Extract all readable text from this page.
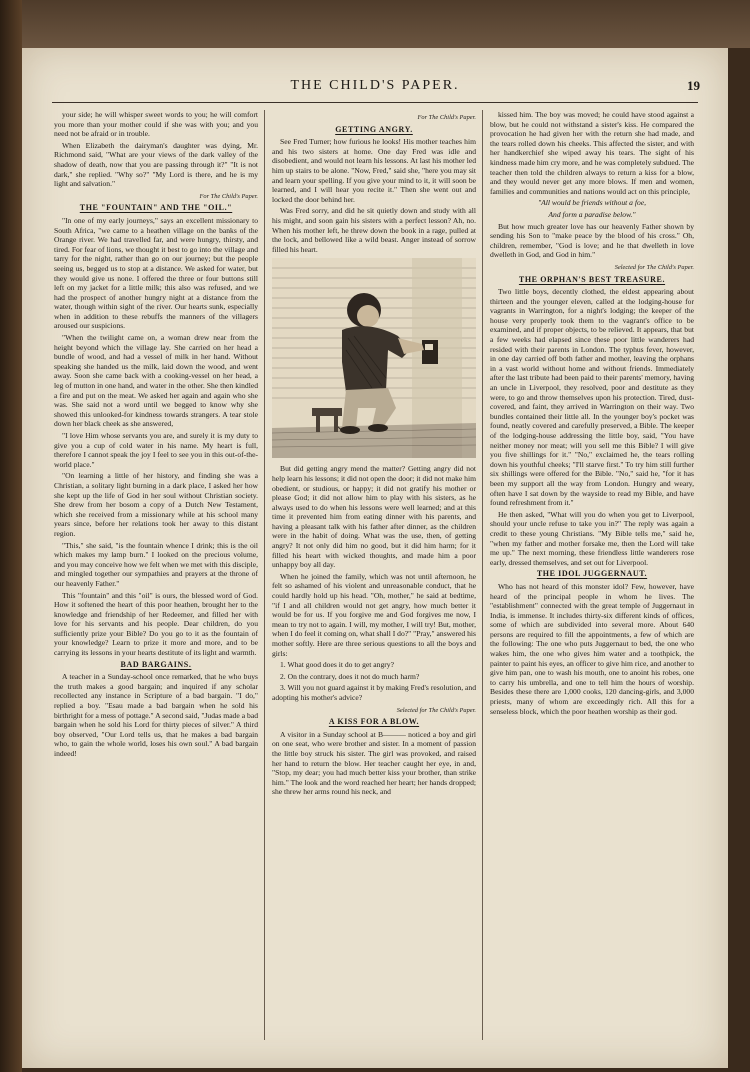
THE CHILD'S PAPER.	19

your side; he will whisper sweet words to you; he will comfort you more than your mother could if she was with you; and you need not be afraid or in trouble.

When Elizabeth the dairyman's daughter was dying, Mr. Richmond said, "What are your views of the dark valley of the shadow of death, now that you are passing through it?" "It is not dark," she replied. "Why so?" "My Lord is there, and he is my light and salvation."

For The Child's Paper.
THE "FOUNTAIN" AND THE "OIL."

"In one of my early journeys," says an excellent missionary to South Africa, "we came to a heathen village on the banks of the Orange river. We had travelled far, and were hungry, thirsty, and tired. For fear of lions, we thought it best to go into the village and tarry for the night, rather than go on our journey; but the people seeing us, begged us to stop at a distance. We asked for water, but they would give us none. I offered the three or four buttons still left on my jacket for a little milk; this also was refused, and we had the prospect of another hungry night at a distance from the water, though within sight of the river. Our hearts sunk, especially when in addition to these rebuffs the manners of the villagers aroused our suspicions.

"When the twilight came on, a woman drew near from the height beyond which the village lay. She carried on her head a bundle of wood, and had a vessel of milk in her hand. Without speaking she handed us the milk, laid down the wood, and went away. Soon she came back with a cooking-vessel on her head, a leg of mutton in one hand, and water in the other. She then kindled a fire and put on the meat. We asked her again and again who she was. She said not a word until we begged to know why she showed this unlooked-for kindness towards strangers. A tear stole down her black cheek as she answered,

"I love Him whose servants you are, and surely it is my duty to give you a cup of cold water in his name. My heart is full, therefore I cannot speak the joy I feel to see you in this out-of-the-world place."

"On learning a little of her history, and finding she was a Christian, a solitary light burning in a dark place, I asked her how she kept up the life of God in her soul without Christian society. She drew from her bosom a copy of a Dutch New Testament, which she received from a missionary while at his school many years since, before her relations took her away to this distant region.

"This," she said, "is the fountain whence I drink; this is the oil which makes my lamp burn." I looked on the precious volume, and you may conceive how we felt when we met with this disciple, and mingled together our sympathies and prayers at the throne of our heavenly Father."

This "fountain" and this "oil" is ours, the blessed word of God. How it softened the heart of this poor heathen, brought her to the knowledge and friendship of her Redeemer, and filled her with love for his servants and his people. Dear children, do you sufficiently prize your Bible? Do you go to it as the fountain of your knowledge? Learn to prize it more and more, and to be carrying its lessons in your hearts destitute of its light and warmth.

BAD BARGAINS.

A teacher in a Sunday-school once remarked, that he who buys the truth makes a good bargain; and inquired if any scholar recollected any instance in Scripture of a bad bargain. "I do," replied a boy. "Esau made a bad bargain when he sold his birthright for a mess of pottage." A second said, "Judas made a bad bargain when he sold his Lord for thirty pieces of silver." A third boy observed, "Our Lord tells us, that he makes a bad bargain who, to gain the whole world, loses his own soul." A bad bargain indeed!

For The Child's Paper.
GETTING ANGRY.

See Fred Turner; how furious he looks! His mother teaches him and his two sisters at home. One day Fred was idle and disobedient, and would not learn his lessons. At last his mother led him up stairs to be alone. "Now, Fred," said she, "here you may sit and learn your spelling. If you give your mind to it, it will soon be learned, and I will hear you recite it." Then she went out and locked the door behind her.

Was Fred sorry, and did he sit quietly down and study with all his might, and soon gain his sisters with a perfect lesson? Ah, no. When his mother left, he threw down the book in a rage, pulled at the lock, and bellowed like a wild beast. Anger instead of sorrow filled his heart.

But did getting angry mend the matter? Getting angry did not help learn his lessons; it did not open the door; it did not make him obedient, or studious, or happy; it did not gratify his mother or please God; it did not allow him to play with his sisters, as he always used to do when his lessons were well learned; and at this time it prevented him from eating dinner with his parents, and having a pleasant talk with his father after dinner, as the children were in the habit of doing. What was the use, then, of getting angry? It not only did him no good, but it did him harm; for it filled his heart with wicked thoughts, and made him a poor unhappy boy all day.

When he joined the family, which was not until afternoon, he felt so ashamed of his violent and unreasonable conduct, that he could hardly hold up his head. "Oh, mother," he said at bedtime, "if I and all children would not get angry, how much better it would be for us. If you forgive me and God forgives me now, I mean to try not to again. I will, my mother, I will try! But, mother, when I do feel it coming on, what shall I do?" "Pray," answered his mother softly. Here are three serious questions to all the boys and girls:

1. What good does it do to get angry?

2. On the contrary, does it not do much harm?

3. Will you not guard against it by making Fred's resolution, and adopting his mother's advice?

Selected for The Child's Paper.
A KISS FOR A BLOW.

A visitor in a Sunday school at B——— noticed a boy and girl on one seat, who were brother and sister. In a moment of passion the little boy struck his sister. The girl was provoked, and raised her hand to return the blow. Her teacher caught her eye, in and, "Stop, my dear; you had much better kiss your brother, than strike him." The look and the word reached her heart; her hands dropped; she threw her arms round his neck, and

kissed him. The boy was moved; he could have stood against a blow, but he could not withstand a sister's kiss. He compared the provocation he had given her with the return she had made, and the tears rolled down his cheeks. This affected the sister, and with her handkerchief she wiped away his tears. The sight of his kindness made him cry more, and he was completely subdued. The teacher then told the children always to return a kiss for a blow, and they would never get any more blows. If men and women, families and communities and nations would act on this principle,

"All would be friends without a foe,

And form a paradise below."

But how much greater love has our heavenly Father shown by sending his Son to "make peace by the blood of his cross." Oh, children, remember, "God is love; and he that dwelleth in love dwelleth in God, and God in him."

Selected for The Child's Paper.
THE ORPHAN'S BEST TREASURE.

Two little boys, decently clothed, the eldest appearing about thirteen and the younger eleven, called at the lodging-house for vagrants in Warrington, for a night's lodging; the keeper of the house very properly took them to the vagrant's office to be examined, and if proper objects, to be relieved. It appears, that but a few weeks had elapsed since these poor little wanderers had resided with their parents in London. The typhus fever, however, in one day carried off both father and mother, leaving the orphans in a vast world without home and without friends. Immediately after the last tribute had been paid to their parents' memory, having an uncle in Liverpool, they resolved, poor and destitute as they were, to go and throw themselves upon his protection. Tired, dust-covered, and faint, they arrived in Warrington on their way. Two bundles contained their little all. In the younger boy's pocket was found, neatly covered and carefully preserved, a Bible. The keeper of the lodging-house addressing the little boy, said, "You have neither money nor meat; will you sell me this Bible? I will give you five shillings for it." "No," exclaimed he, the tears rolling down his youthful cheeks; "I'll starve first." To try him still further six shillings were offered for the Bible. "No," said he, "for it has been my support all the way from London. Hungry and weary, often have I sat down by the wayside to read my Bible, and have found refreshment from it."

He then asked, "What will you do when you get to Liverpool, should your uncle refuse to take you in?" The reply was again a credit to these young Christians. "My Bible tells me," said he, "when my father and mother forsake me, then the Lord will take me up." The next morning, these friendless little wanderers rose early, dressed themselves, and set out for Liverpool.

THE IDOL JUGGERNAUT.

Who has not heard of this monster idol? Few, however, have heard of the principal people in whom he lives. The "establishment" connected with the great temple of Juggernaut in India, is immense. It includes thirty-six different kinds of offices, some of which are subdivided into several more. About 640 persons are required to fill the appointments, a few of which are the following: The one who puts Juggernaut to bed, the one who wakes him, the one who gives him water and a toothpick, the painter to paint his eyes, an officer to give him rice, and another to give him pan, one to wash his mouth, one to anoint his robes, one to carry his umbrella, and one to tell him the hours of worship. Besides these there are 1,000 cooks, 120 dancing-girls, and 3,000 priests, many of whom are exceedingly rich. All this for a senseless block, which the poor heathen worship as their god.
